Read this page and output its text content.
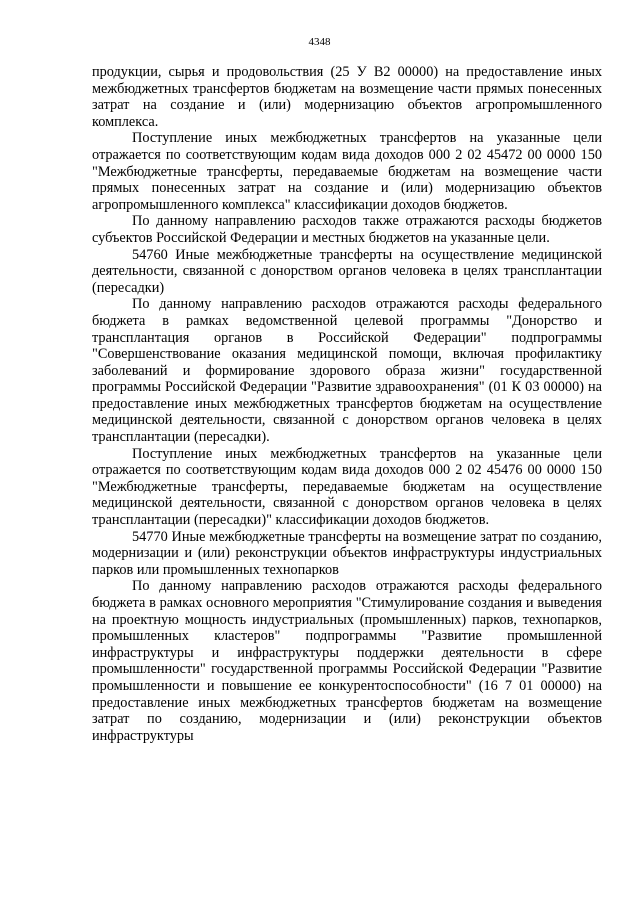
4348

продукции, сырья и продовольствия (25 У В2 00000) на предоставление иных межбюджетных трансфертов бюджетам на возмещение части прямых понесенных затрат на создание и (или) модернизацию объектов агропромышленного комплекса.

Поступление иных межбюджетных трансфертов на указанные цели отражается по соответствующим кодам вида доходов 000 2 02 45472 00 0000 150 "Межбюджетные трансферты, передаваемые бюджетам на возмещение части прямых понесенных затрат на создание и (или) модернизацию объектов агропромышленного комплекса" классификации доходов бюджетов.

По данному направлению расходов также отражаются расходы бюджетов субъектов Российской Федерации и местных бюджетов на указанные цели.

54760 Иные межбюджетные трансферты на осуществление медицинской деятельности, связанной с донорством органов человека в целях трансплантации (пересадки)

По данному направлению расходов отражаются расходы федерального бюджета в рамках ведомственной целевой программы "Донорство и трансплантация органов в Российской Федерации" подпрограммы "Совершенствование оказания медицинской помощи, включая профилактику заболеваний и формирование здорового образа жизни" государственной программы Российской Федерации "Развитие здравоохранения" (01 К 03 00000) на предоставление иных межбюджетных трансфертов бюджетам на осуществление медицинской деятельности, связанной с донорством органов человека в целях трансплантации (пересадки).

Поступление иных межбюджетных трансфертов на указанные цели отражается по соответствующим кодам вида доходов 000 2 02 45476 00 0000 150 "Межбюджетные трансферты, передаваемые бюджетам на осуществление медицинской деятельности, связанной с донорством органов человека в целях трансплантации (пересадки)" классификации доходов бюджетов.

54770 Иные межбюджетные трансферты на возмещение затрат по созданию, модернизации и (или) реконструкции объектов инфраструктуры индустриальных парков или промышленных технопарков

По данному направлению расходов отражаются расходы федерального бюджета в рамках основного мероприятия "Стимулирование создания и выведения на проектную мощность индустриальных (промышленных) парков, технопарков, промышленных кластеров" подпрограммы "Развитие промышленной инфраструктуры и инфраструктуры поддержки деятельности в сфере промышленности" государственной программы Российской Федерации "Развитие промышленности и повышение ее конкурентоспособности" (16 7 01 00000) на предоставление иных межбюджетных трансфертов бюджетам на возмещение затрат по созданию, модернизации и (или) реконструкции объектов инфраструктуры
